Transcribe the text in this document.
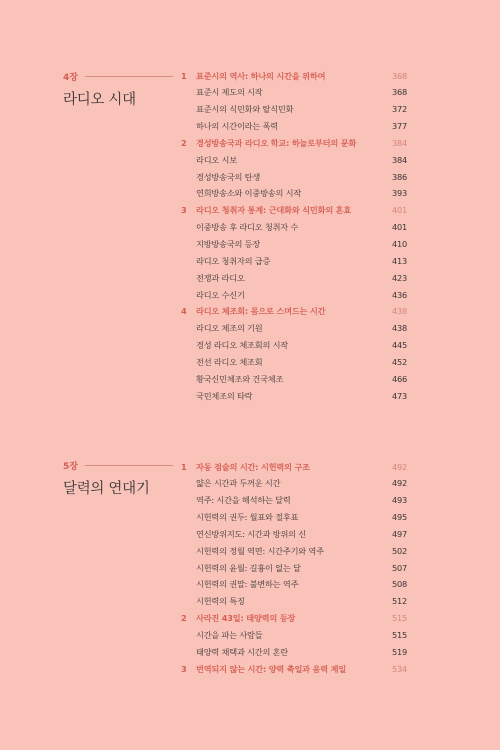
4장
라디오 시대
1	표준시의 역사: 하나의 시간을 위하여	368
표준시 제도의 시작	368
표준시의 식민화와 탈식민화	372
하나의 시간이라는 폭력	377
2	경성방송국과 라디오 학교: 하늘로부터의 문화	384
라디오 시보	384
경성방송국의 탄생	386
연희방송소와 이중방송의 시작	393
3	라디오 청취자 통계: 근대화와 식민화의 혼효	401
이중방송 후 라디오 청취자 수	401
지방방송국의 등장	410
라디오 청취자의 급증	413
전쟁과 라디오	423
라디오 수신기	436
4	라디오 체조회: 몸으로 스며드는 시간	438
라디오 체조의 기원	438
경성 라디오 체조회의 시작	445
전선 라디오 체조회	452
황국신민체조와 건국체조	466
국민체조의 타락	473
5장
달력의 연대기
1	자동 점술의 시간: 시헌력의 구조	492
얇은 시간과 두꺼운 시간	492
역주: 시간을 해석하는 달력	493
시헌력의 권두: 월표와 절후표	495
연신방위지도: 시간과 방위의 신	497
시헌력의 정월 역면: 시간주기와 역주	502
시헌력의 윤월: 길흉이 없는 달	507
시헌력의 권말: 불변하는 역주	508
시헌력의 특징	512
2	사라진 43일: 태양력의 등장	515
시간을 파는 사람들	515
태양력 채택과 시간의 혼란	519
3	번역되지 않는 시간: 양력 축일과 음력 제일	534
